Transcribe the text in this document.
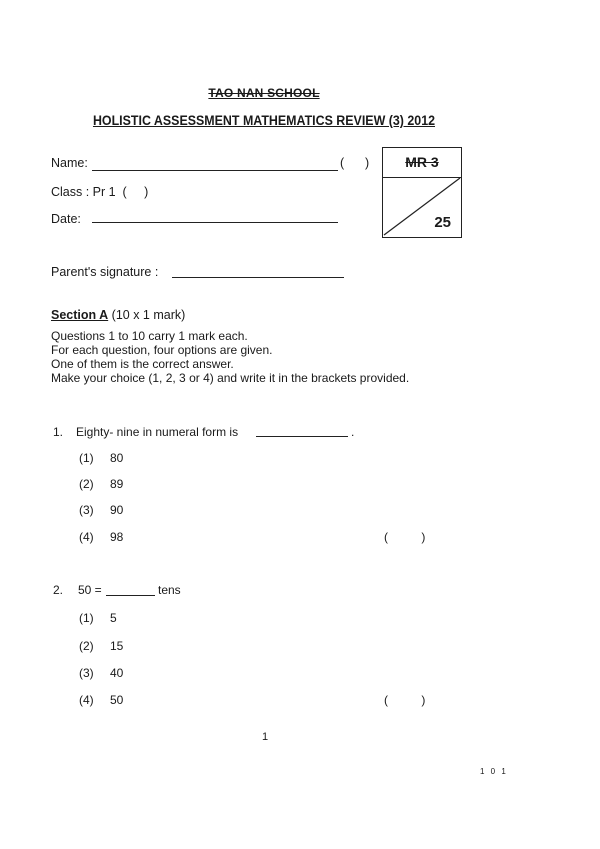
TAO NAN SCHOOL
HOLISTIC ASSESSMENT MATHEMATICS REVIEW (3) 2012
Name:	(      )
Class : Pr 1  (     )
Date:
MR 3
25
Parent's signature :
Section A (10 x 1 mark)
Questions 1 to 10 carry 1 mark each.
For each question, four options are given.
One of them is the correct answer.
Make your choice (1, 2, 3 or 4) and write it in the brackets provided.
1. Eighty- nine in numeral form is	.
(1) 80
(2) 89
(3) 90
(4) 98	(          )
2. 50 =	tens
(1) 5
(2) 15
(3) 40
(4) 50	(          )
1
1 0 1
